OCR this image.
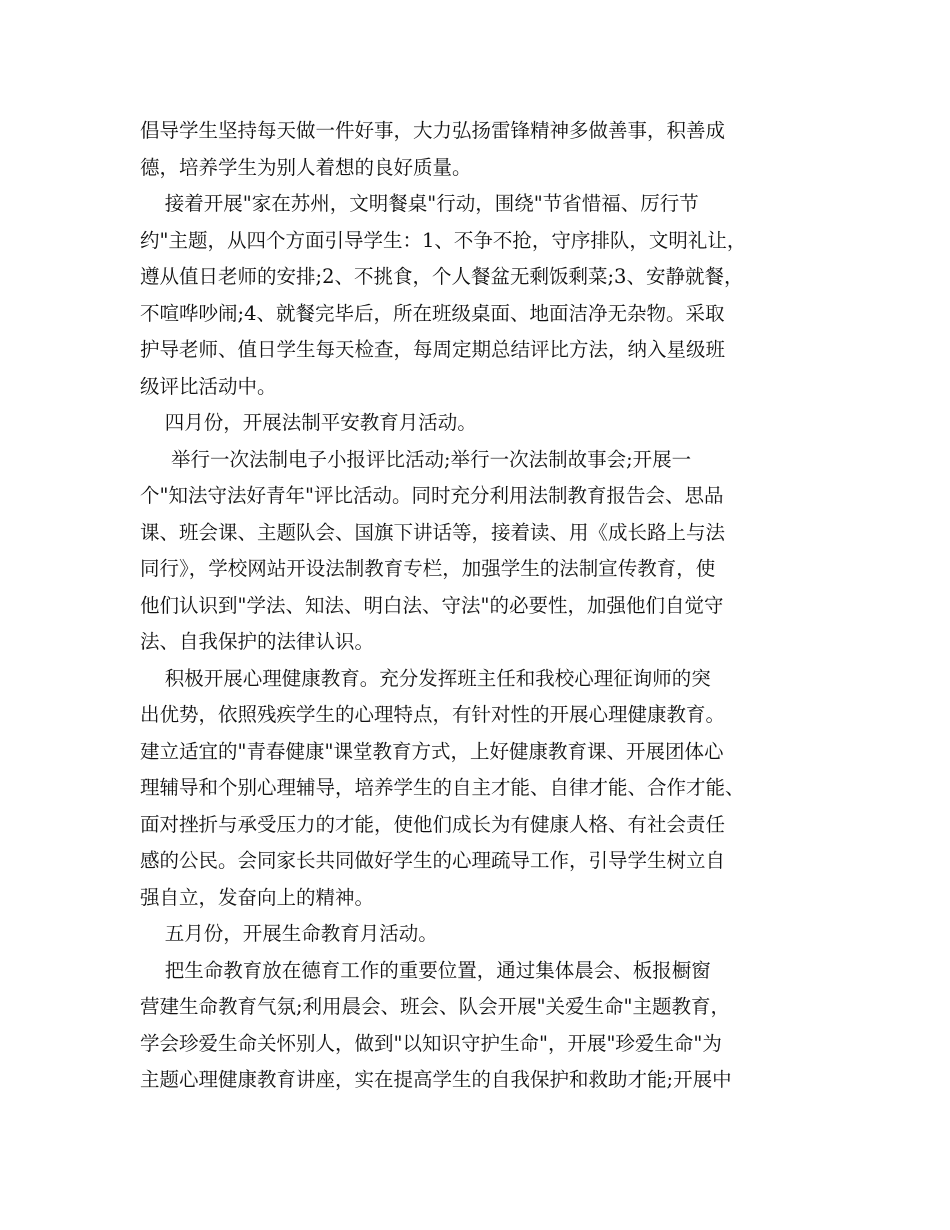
倡导学生坚持每天做一件好事，大力弘扬雷锋精神多做善事，积善成

德，培养学生为别人着想的良好质量。

接着开展"家在苏州，文明餐桌"行动，围绕"节省惜福、厉行节

约"主题，从四个方面引导学生：1、不争不抢，守序排队，文明礼让，

遵从值日老师的安排;2、不挑食，个人餐盆无剩饭剩菜;3、安静就餐，

不喧哗吵闹;4、就餐完毕后，所在班级桌面、地面洁净无杂物。采取

护导老师、值日学生每天检查，每周定期总结评比方法，纳入星级班

级评比活动中。

四月份，开展法制平安教育月活动。

举行一次法制电子小报评比活动;举行一次法制故事会;开展一

个"知法守法好青年"评比活动。同时充分利用法制教育报告会、思品

课、班会课、主题队会、国旗下讲话等，接着读、用《成长路上与法

同行》，学校网站开设法制教育专栏，加强学生的法制宣传教育，使

他们认识到"学法、知法、明白法、守法"的必要性，加强他们自觉守

法、自我保护的法律认识。

积极开展心理健康教育。充分发挥班主任和我校心理征询师的突

出优势，依照残疾学生的心理特点，有针对性的开展心理健康教育。

建立适宜的"青春健康"课堂教育方式，上好健康教育课、开展团体心

理辅导和个别心理辅导，培养学生的自主才能、自律才能、合作才能、

面对挫折与承受压力的才能，使他们成长为有健康人格、有社会责任

感的公民。会同家长共同做好学生的心理疏导工作，引导学生树立自

强自立，发奋向上的精神。

五月份，开展生命教育月活动。

把生命教育放在德育工作的重要位置，通过集体晨会、板报橱窗

营建生命教育气氛;利用晨会、班会、队会开展"关爱生命"主题教育，

学会珍爱生命关怀别人，做到"以知识守护生命"，开展"珍爱生命"为

主题心理健康教育讲座，实在提高学生的自我保护和救助才能;开展中
